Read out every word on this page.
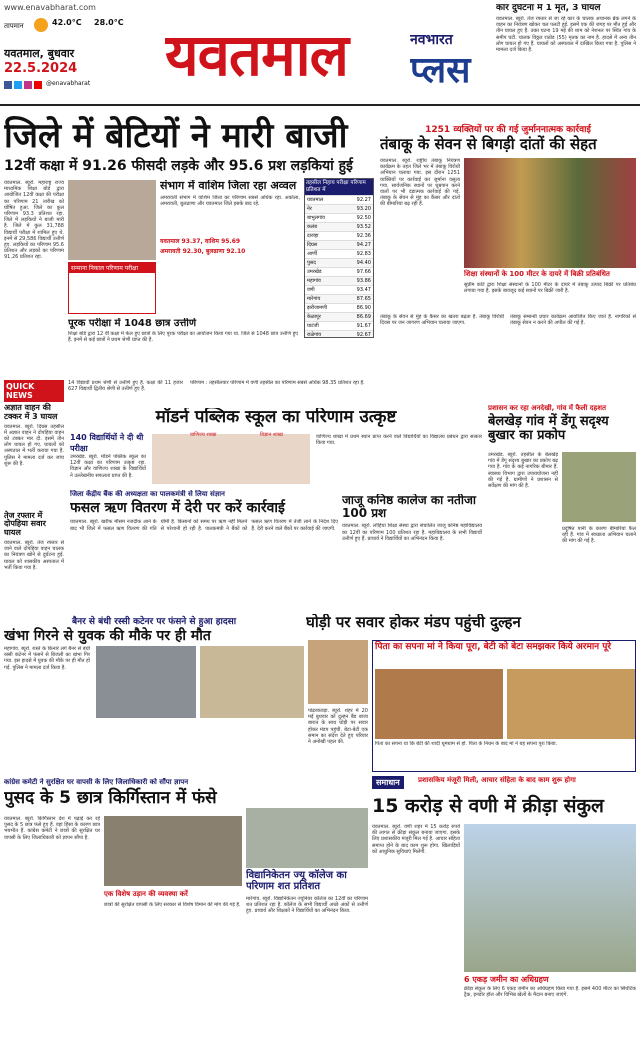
www.enavabharat.com
तापमान	42.0°C 28.0°C
यवतमाल, बुधवार
22.5.2024
@enavabharat यवतमाल	नवभारत
प्लस
कार दुर्घटना में 1 मृत, 3 घायल
यवतमाल. ब्यूरो. तेज रफ्तार से जा रहे कार के चालक अचानक ब्रेक लगने के वाहन का नियंत्रण खोकर चल पलटी हुई. इसमें एक की जगह पर मौत हुई और तीन घायल हुए हैं. उक्त घटना 19 मई की शाम को नेशनल पर स्थित गांव के समीप घटी. चालक विठ्ठल राठोड (55) मृतक का नाम है. हादसे में अन्य तीन लोग घायल हो गए हैं. घायलों को अस्पताल में दाखिल किया गया है. पुलिस ने मामला दर्ज किया है.
जिले में बेटियों ने मारी बाजी
12वीं कक्षा में 91.26 फीसदी लड़के और 95.6 प्रश लड़कियां हुई
यवतमाल. ब्यूरो. महाराष्ट्र राज्य माध्यमिक शिक्षा बोर्ड द्वारा आयोजित 12वीं कक्षा की परीक्षा का परिणाम 21 तारीख को घोषित हुआ. जिले का कुल परिणाम 93.3 प्रतिशत रहा. जिले में लड़कियों ने बाजी मारी है. जिले में कुल 31,788 विद्यार्थी परीक्षा में शामिल हुए थे. इनमें से 29,586 विद्यार्थी उत्तीर्ण हुए. लड़कियों का परिणाम 95.6 प्रतिशत और लड़कों का परिणाम 91.26 प्रतिशत रहा.
सन्माना निकाल परिणाम परीक्षा
संभाग में वाशिम जिला रहा अव्वल
अमरावती संभाग में वाशिम जिला का परिणाम सबसे अधिक रहा. अकोला, अमरावती, बुलढाणा और यवतमाल जिले इसके बाद रहे.
यवतमाल 93.37, वाशिम 95.69
अमरावती 92.30, बुलढाणा 92.10
तहसील निहाय परीक्षा परिणाम प्रतिशत में
यवतमाल	92.27
नेर	93.20
बाभुलगांव	92.50
कलंब	93.52
दारव्हा	92.36
दिग्रस	94.27
आर्णी	92.83
पुसद	94.40
उमरखेड	97.66
महागांव	93.86
वणी	93.47
मारेगांव	87.65
झरीजामणी	86.90
केळापूर	86.69
घाटंजी	91.67
राळेगांव	92.67
पूरक परीक्षा में 1048 छात्र उत्तीर्ण
शिक्षा बोर्ड द्वारा 12 वीं कक्षा में फेल हुए छात्रों के लिए पूरक परीक्षा का आयोजन किया गया था. जिले से 1048 छात्र उत्तीर्ण हुए हैं. इनमें से कई छात्रों ने प्रथम श्रेणी प्राप्त की है.
14 विद्यार्थी प्रथम श्रेणी से उत्तीर्ण हुए हैं. कक्षा की 11 हजार 627 विद्यार्थी द्वितीय श्रेणी से उत्तीर्ण हुए हैं.
परिणाम : तहसीलवार परिणाम में वणी तहसील का परिणाम सबसे अधिक 98.35 प्रतिशत रहा है.
1251 व्यक्तियों पर की गई जुर्माननात्मक कार्रवाई
तंबाकू के सेवन से बिगड़ी दांतों की सेहत
यवतमाल. ब्यूरो. राष्ट्रीय तंबाकू नियंत्रण कार्यक्रम के तहत जिले भर में तंबाकू विरोधी अभियान चलाया गया. इस दौरान 1251 व्यक्तियों पर कार्रवाई कर जुर्माना वसूला गया. सार्वजनिक स्थानों पर धूम्रपान करने वालों पर भी दंडात्मक कार्रवाई की गई. तंबाकू के सेवन से मुंह का कैंसर और दांतों की बीमारियां बढ़ रही हैं.
शिक्षा संस्थानों के 100 मीटर के दायरे में बिक्री प्रतिबंधित
सुप्रीम कोर्ट द्वारा शिक्षा संस्थानों के 100 मीटर के दायरे में तंबाकू उत्पाद बिक्री पर प्रतिबंध लगाया गया है. इसके बावजूद कई स्थानों पर बिक्री जारी है.
तंबाकू के सेवन से मुंह के कैंसर का खतरा बढ़ता है. तंबाकू विरोधी दिवस पर जन जागरण अभियान चलाया जाएगा.
तंबाकू सम्बन्धी प्रचार कार्यक्रम आयोजित किए जाते हैं. नागरिकों से तंबाकू सेवन न करने की अपील की गई है.
QUICK NEWS
अज्ञात वाहन की टक्कर में 3 घायल
यवतमाल. ब्यूरो. दिग्रस तहसील में अज्ञात वाहन ने दोपहिया वाहन को टक्कर मार दी. इसमें तीन लोग घायल हो गए. घायलों को अस्पताल में भर्ती कराया गया है. पुलिस ने मामला दर्ज कर जांच शुरू की है.
तेज रफ्तार में दोपहिया सवार घायल
यवतमाल. ब्यूरो. तेज रफ्तार से जाने वाले दोपहिया वाहन चालक का नियंत्रण खोने से दुर्घटना हुई. घायल को शासकीय अस्पताल में भर्ती किया गया है.
मॉडर्न पब्लिक स्कूल का परिणाम उत्कृष्ट
140 विद्यार्थियों ने दी थी परीक्षा
उमरखेड. ब्यूरो. मॉडर्न पब्लिक स्कूल का 12वीं कक्षा का परिणाम उत्कृष्ट रहा. विज्ञान और वाणिज्य शाखा के विद्यार्थियों ने उल्लेखनीय सफलता प्राप्त की है.
वाणिज्य शाखा	विज्ञान शाखा	वाणिज्य शाखा में प्रथम स्थान प्राप्त करने वाले विद्यार्थियों का विद्यालय प्रबंधन द्वारा सत्कार किया गया.
प्रशासन कर रहा अनदेखी, गांव में फैली दहशत
बेलखेड़ गांव में डेंगू सदृश्य बुखार का प्रकोप
उमरखेड. ब्यूरो. तहसील के बेलखेड़ गांव में डेंगू सदृश्य बुखार का प्रकोप बढ़ गया है. गांव के कई नागरिक बीमार हैं. स्वास्थ्य विभाग द्वारा उपाययोजना नहीं की गई है. ग्रामीणों ने प्रशासन से सर्वेक्षण की मांग की है.
प्रदूषित पानी के कारण बीमारियां फैल रही हैं. गांव में स्वच्छता अभियान चलाने की मांग की गई है.
जिला केंद्रीय बैंक की अध्यक्षता का पालकमंत्री से लिया संज्ञान
फसल ऋण वितरण में देरी पर करें कार्रवाई
यवतमाल. ब्यूरो. खरीफ मौसम नजदीक आने के बाद भी जिले में फसल ऋण वितरण की गति धीमी है. किसानों को समय पर ऋण नहीं मिलने से परेशानी हो रही है. पालकमंत्री ने बैंकों को फसल ऋण वितरण में तेजी लाने के निर्देश दिए हैं. देरी करने वाले बैंकों पर कार्रवाई की जाएगी.
जाजू कनिष्ठ कालेज का नतीजा 100 प्रश
यवतमाल. ब्यूरो. लोहिया शिक्षा संस्था द्वारा संचालित जाजू कनिष्ठ महाविद्यालय का 12वीं का परिणाम 100 प्रतिशत रहा है. महाविद्यालय के सभी विद्यार्थी उत्तीर्ण हुए हैं. प्राचार्य ने विद्यार्थियों का अभिनंदन किया है.
बैनर से बंधी रस्सी कटेनर पर फंसने से हुआ हादसा
खंभा गिरने से युवक की मौके पर ही मौत
महागांव. ब्यूरो. रास्ते के किनारे लगे बैनर से बंधी रस्सी कंटेनर में फंसने से बिजली का खंभा गिर गया. इस हादसे में युवक की मौके पर ही मौत हो गई. पुलिस ने मामला दर्ज किया है.
घोड़ी पर सवार होकर मंडप पहुंची दुल्हन
पांढरकवड़ा. ब्यूरो. शहर में 20 मई बुधवार को दुल्हन बैंड बाजा बारात के साथ घोड़ी पर सवार होकर मंडप पहुंची. बेटा-बेटी एक समान का संदेश देते हुए परिवार ने अनोखी पहल की.
पिता का सपना मां ने किया पूरा, बेटी को बेटा समझकर किये अरमान पूरे
पिता का सपना था कि बेटी की शादी धूमधाम से हो. पिता के निधन के बाद मां ने यह सपना पूरा किया.
कांग्रेस कमेटी ने सुरक्षित घर वापसी के लिए जिलाधिकारी को सौंपा ज्ञापन
पुसद के 5 छात्र किर्गिस्तान में फंसे
यवतमाल. ब्यूरो. किर्गिस्तान देश में पढ़ाई कर रहे पुसद के 5 छात्र फंसे हुए हैं. वहां हिंसा के कारण छात्र भयभीत हैं. कांग्रेस कमेटी ने छात्रों की सुरक्षित घर वापसी के लिए जिलाधिकारी को ज्ञापन सौंपा है.
एक विशेष उड़ान की व्यवस्था करें
छात्रों की सुरक्षित वापसी के लिए सरकार से विशेष विमान की मांग की गई है.
विद्यानिकेतन ज्यू कॉलेज का परिणाम शत प्रतिशत
मारेगांव. ब्यूरो. विद्यानिकेतन ज्यूनियर कॉलेज का 12वीं का परिणाम शत प्रतिशत रहा है. कॉलेज के सभी विद्यार्थी अच्छे अंकों से उत्तीर्ण हुए. प्राचार्य और शिक्षकों ने विद्यार्थियों का अभिनंदन किया.
समाधान	प्रशासकिय मंजूरी मिली, आचार संहिता के बाद काम शुरू होगा
15 करोड़ से वणी में क्रीड़ा संकुल
यवतमाल. ब्यूरो. वणी शहर में 15 करोड़ रुपये की लागत से क्रीड़ा संकुल बनाया जाएगा. इसके लिए प्रशासकीय मंजूरी मिल गई है. आचार संहिता समाप्त होने के बाद काम शुरू होगा. खिलाड़ियों को आधुनिक सुविधाएं मिलेंगी.
6 एकड़ जमीन का अधिग्रहण
क्रीड़ा संकुल के लिए 6 एकड़ जमीन का अधिग्रहण किया गया है. इसमें 400 मीटर का सिंथेटिक ट्रैक, इनडोर हॉल और विभिन्न खेलों के मैदान बनाए जाएंगे.
